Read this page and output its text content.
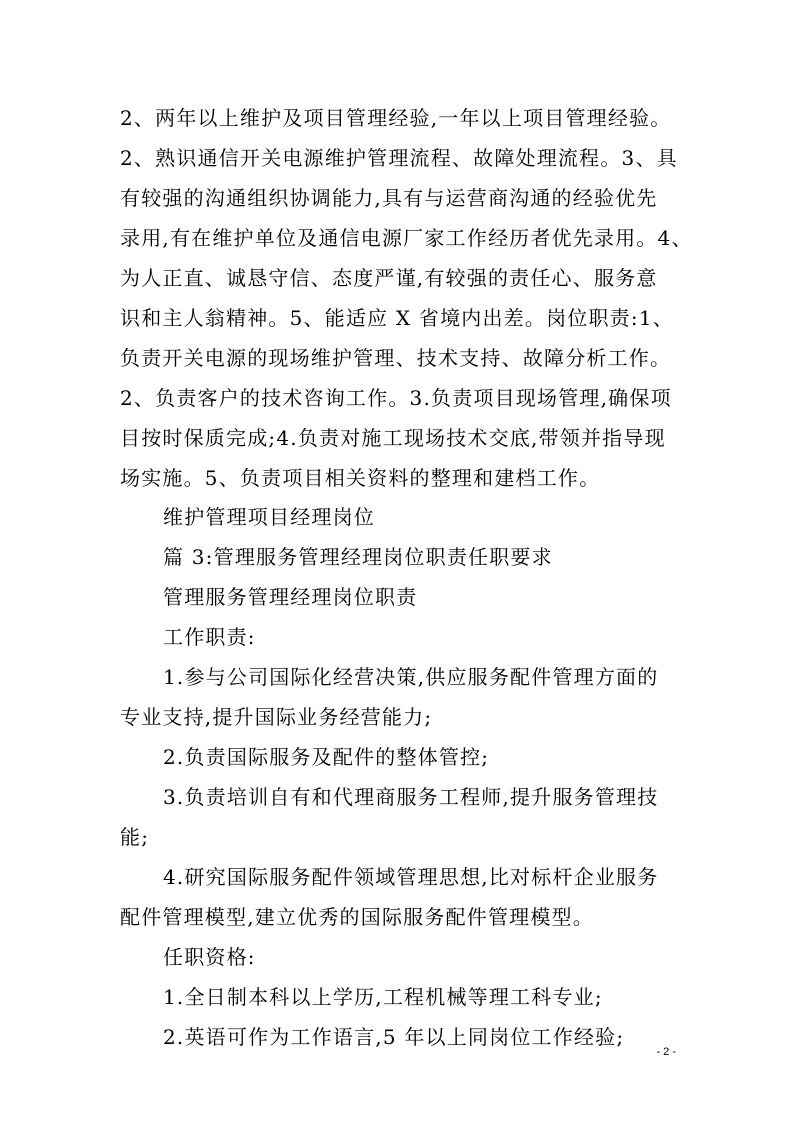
2、两年以上维护及项目管理经验,一年以上项目管理经验。
2、熟识通信开关电源维护管理流程、故障处理流程。3、具
有较强的沟通组织协调能力,具有与运营商沟通的经验优先
录用,有在维护单位及通信电源厂家工作经历者优先录用。4、
为人正直、诚恳守信、态度严谨,有较强的责任心、服务意
识和主人翁精神。5、能适应 X 省境内出差。岗位职责:1、
负责开关电源的现场维护管理、技术支持、故障分析工作。
2、负责客户的技术咨询工作。3.负责项目现场管理,确保项
目按时保质完成;4.负责对施工现场技术交底,带领并指导现
场实施。5、负责项目相关资料的整理和建档工作。
维护管理项目经理岗位
篇 3:管理服务管理经理岗位职责任职要求
管理服务管理经理岗位职责
工作职责:
1.参与公司国际化经营决策,供应服务配件管理方面的
专业支持,提升国际业务经营能力;
2.负责国际服务及配件的整体管控;
3.负责培训自有和代理商服务工程师,提升服务管理技
能;
4.研究国际服务配件领域管理思想,比对标杆企业服务
配件管理模型,建立优秀的国际服务配件管理模型。
任职资格:
1.全日制本科以上学历,工程机械等理工科专业;
2.英语可作为工作语言,5 年以上同岗位工作经验;
- 2 -
